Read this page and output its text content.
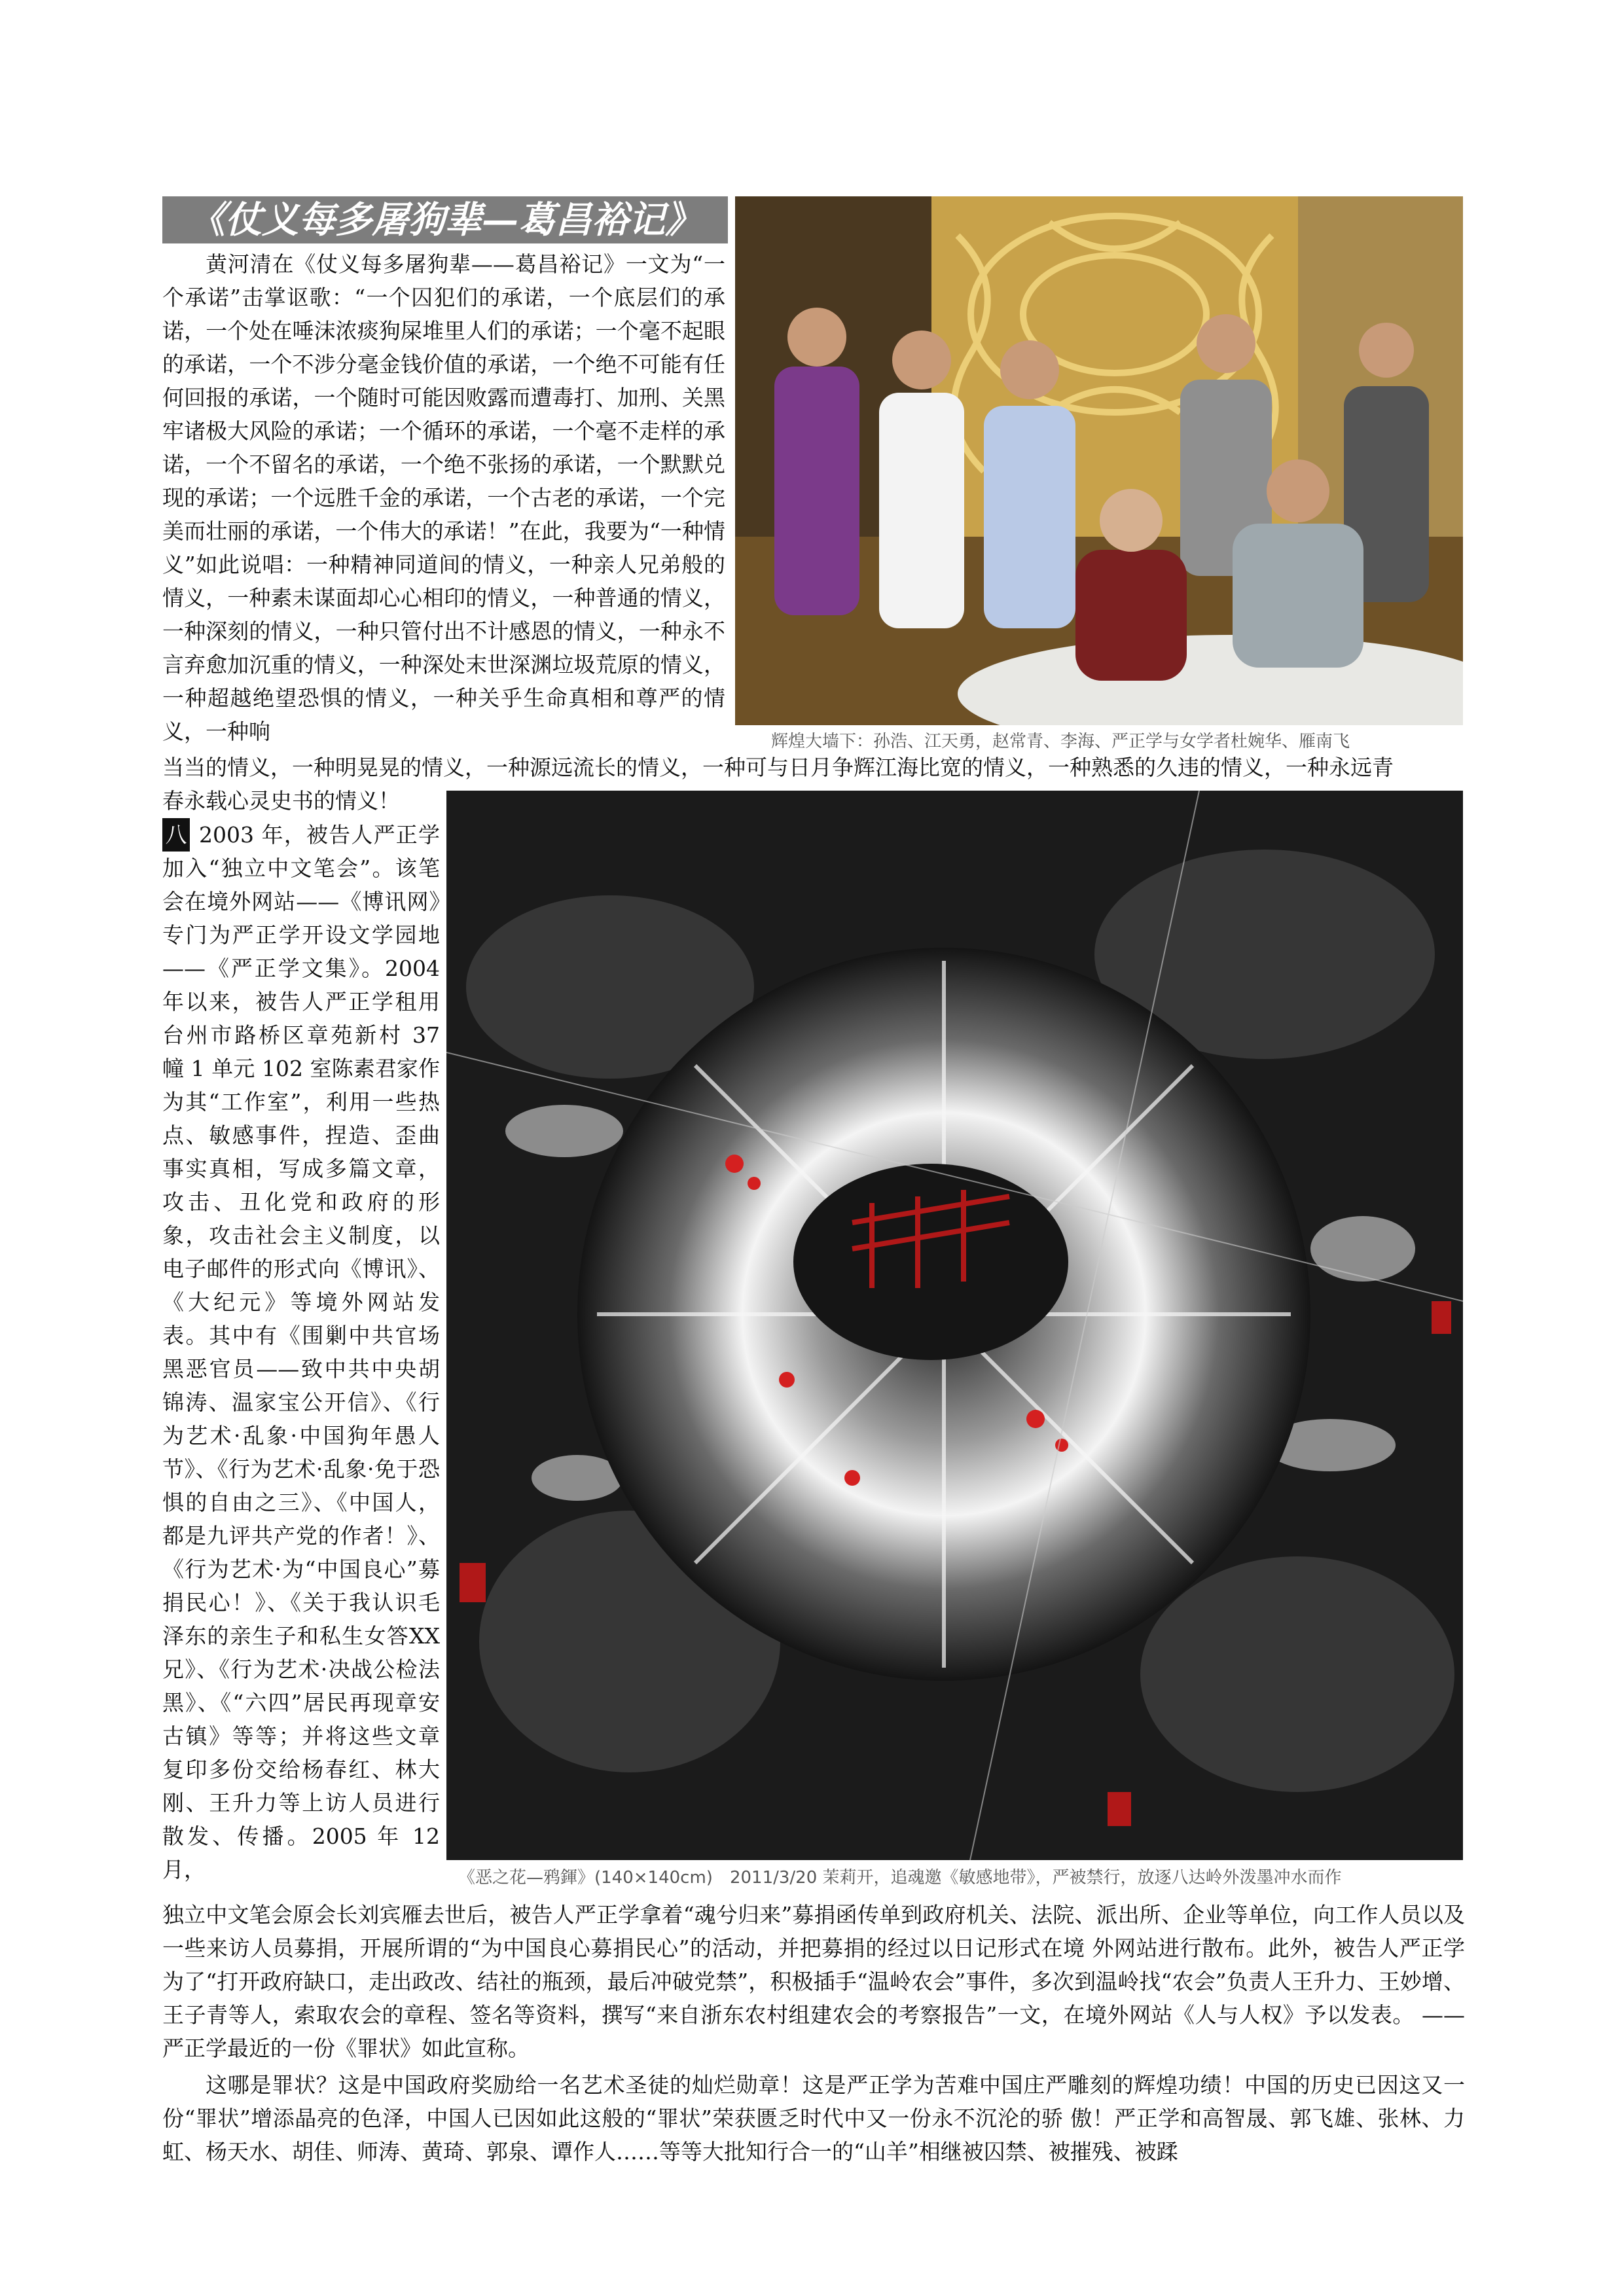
《仗义每多屠狗辈—葛昌裕记》

黄河清在《仗义每多屠狗辈——葛昌裕记》一文为“一个承诺”击掌讴歌：“一个囚犯们的承诺，一个底层们的承诺，一个处在唾沫浓痰狗屎堆里人们的承诺；一个毫不起眼的承诺，一个不涉分毫金钱价值的承诺，一个绝不可能有任何回报的承诺，一个随时可能因败露而遭毒打、加刑、关黑牢诸极大风险的承诺；一个循环的承诺，一个毫不走样的承诺，一个不留名的承诺，一个绝不张扬的承诺，一个默默兑现的承诺；一个远胜千金的承诺，一个古老的承诺，一个完美而壮丽的承诺，一个伟大的承诺！”在此，我要为“一种情义”如此说唱：一种精神同道间的情义，一种亲人兄弟般的情义，一种素未谋面却心心相印的情义，一种普通的情义，一种深刻的情义，一种只管付出不计感恩的情义，一种永不言弃愈加沉重的情义，一种深处末世深渊垃圾荒原的情义，一种超越绝望恐惧的情义，一种关乎生命真相和尊严的情义，一种响	辉煌大墙下：孙浩、江天勇，赵常青、李海、严正学与女学者杜婉华、雁南飞
当当的情义，一种明晃晃的情义，一种源远流长的情义，一种可与日月争辉江海比宽的情义，一种熟悉的久违的情义，一种永远青
春永载心灵史书的情义！

八 2003 年，被告人严正学加入“独立中文笔会”。该笔会在境外网站——《博讯网》专门为严正学开设文学园地——《严正学文集》。2004 年以来，被告人严正学租用台州市路桥区章苑新村 37 幢 1 单元 102 室陈素君家作为其“工作室”，利用一些热点、敏感事件，捏造、歪曲事实真相，写成多篇文章，攻击、丑化党和政府的形象，攻击社会主义制度，以电子邮件的形式向《博讯》、《大纪元》等境外网站发表。其中有《围剿中共官场黑恶官员——致中共中央胡锦涛、温家宝公开信》、《行为艺术·乱象·中国狗年愚人节》、《行为艺术·乱象·免于恐惧的自由之三》、《中国人，都是九评共产党的作者！》、《行为艺术·为“中国良心”募捐民心！》、《关于我认识毛泽东的亲生子和私生女答XX 兄》、《行为艺术·决战公检法黑》、《“六四”居民再现章安古镇》等等；并将这些文章复印多份交给杨春红、林大刚、王升力等上访人员进行散发、传播。2005 年 12 月，	《恶之花—鸦鍕》(140×140cm)　2011/3/20 茉莉开，追魂邀《敏感地带》，严被禁行，放逐八达岭外泼墨冲水而作
独立中文笔会原会长刘宾雁去世后，被告人严正学拿着“魂兮归来”募捐函传单到政府机关、法院、派出所、企业等单位，向工作人员以及一些来访人员募捐，开展所谓的“为中国良心募捐民心”的活动，并把募捐的经过以日记形式在境 外网站进行散布。此外，被告人严正学为了“打开政府缺口，走出政改、结社的瓶颈，最后冲破党禁”，积极插手“温岭农会”事件，多次到温岭找“农会”负责人王升力、王妙增、王子青等人，索取农会的章程、签名等资料，撰写“来自浙东农村组建农会的考察报告”一文，在境外网站《人与人权》予以发表。 ——严正学最近的一份《罪状》如此宣称。

这哪是罪状？这是中国政府奖励给一名艺术圣徒的灿烂勋章！这是严正学为苦难中国庄严雕刻的辉煌功绩！中国的历史已因这又一份“罪状”增添晶亮的色泽，中国人已因如此这般的“罪状”荣获匮乏时代中又一份永不沉沦的骄 傲！严正学和高智晟、郭飞雄、张林、力虹、杨天水、胡佳、师涛、黄琦、郭泉、谭作人……等等大批知行合一的“山羊”相继被囚禁、被摧残、被蹂
